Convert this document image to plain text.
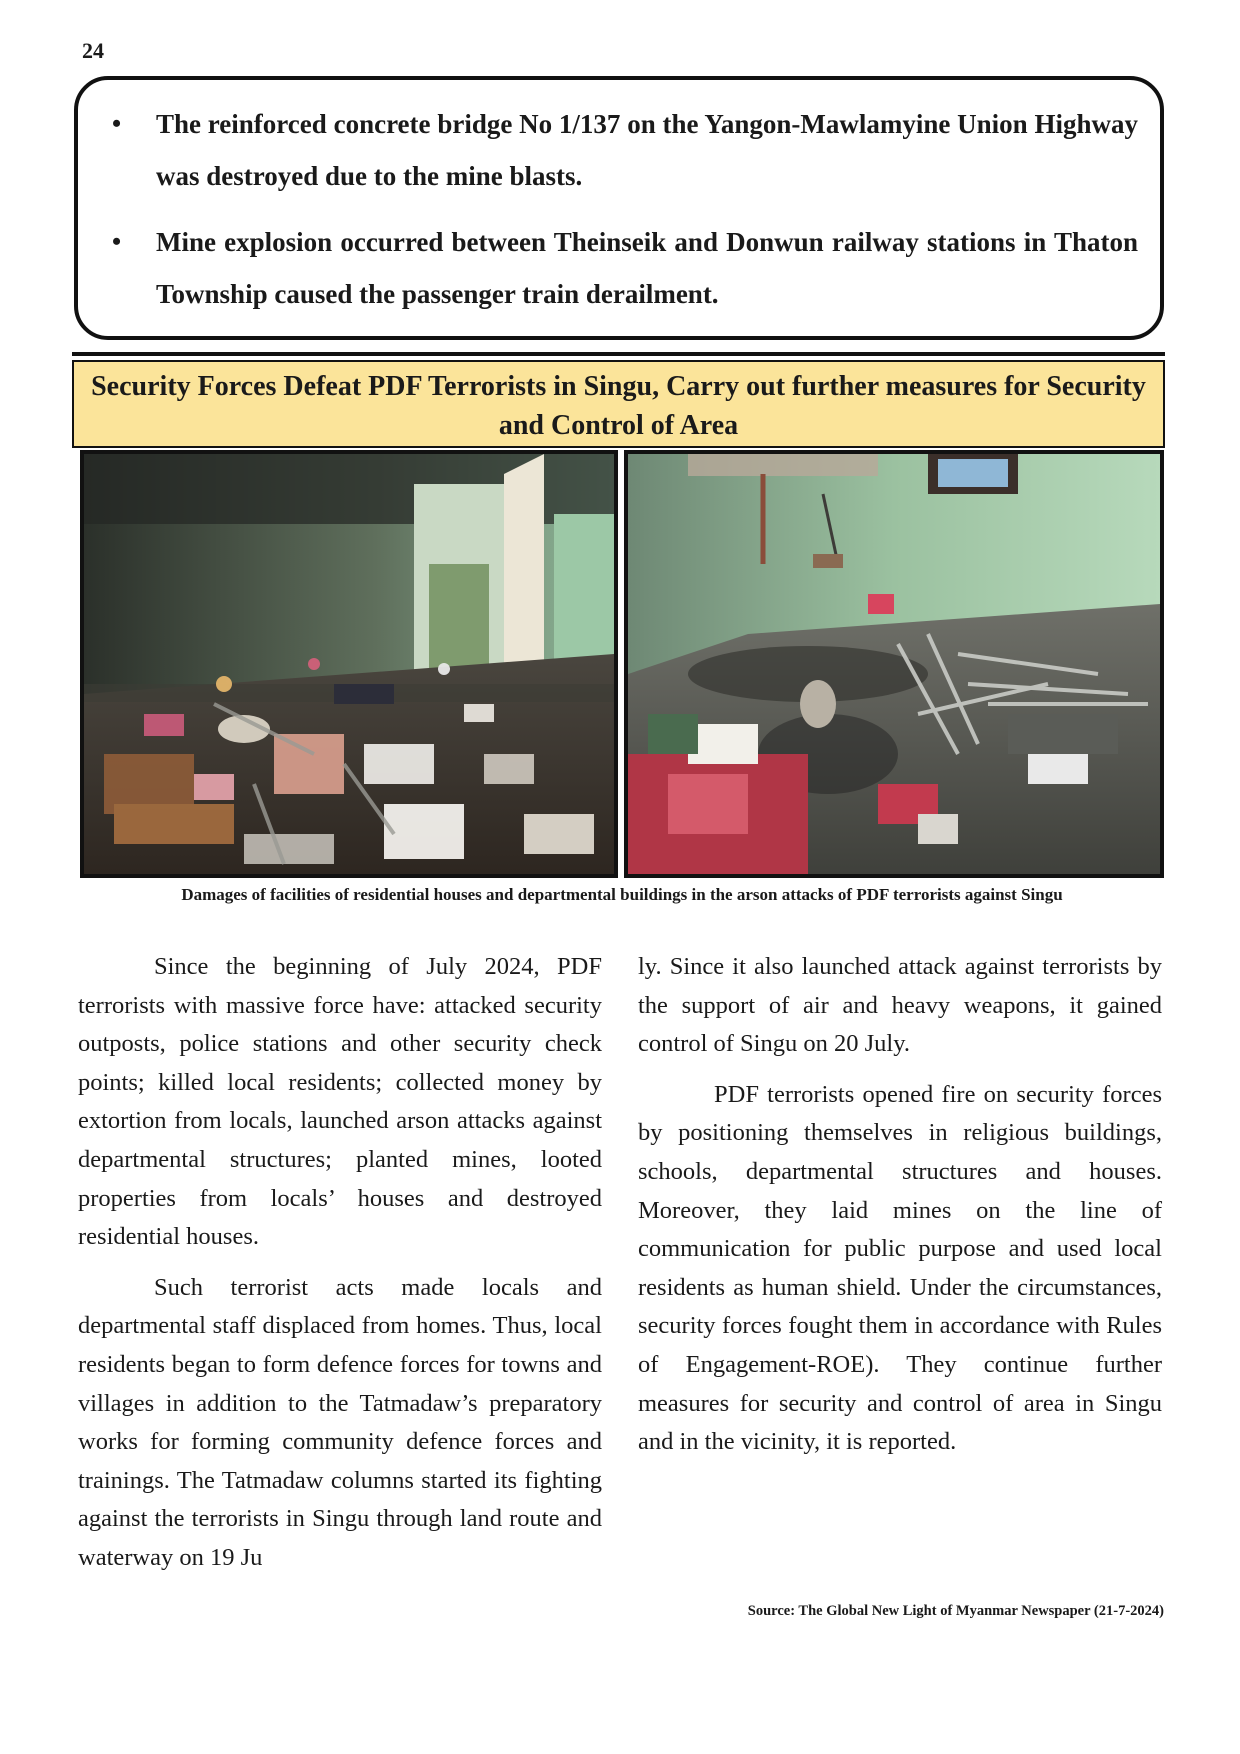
24
• The reinforced concrete bridge No 1/137 on the Yangon-Mawlamyine Union Highway was destroyed due to the mine blasts.
• Mine explosion occurred between Theinseik and Donwun railway stations in Thaton Township caused the passenger train derailment.
Security Forces Defeat PDF Terrorists in Singu, Carry out further measures for Security and Control of Area
Damages of facilities of residential houses and departmental buildings in the arson attacks of PDF terrorists against Singu

Since the beginning of July 2024, PDF terrorists with massive force have: attacked security outposts, police stations and other security check points; killed local residents; collected money by extortion from locals, launched arson attacks against departmental structures; planted mines, looted properties from locals’ houses and destroyed residential houses.

Such terrorist acts made locals and departmental staff displaced from homes. Thus, local residents began to form defence forces for towns and villages in addition to the Tatmadaw’s preparatory works for forming community defence forces and trainings. The Tatmadaw columns started its fighting against the terrorists in Singu through land route and waterway on 19 Ju

ly. Since it also launched attack against terrorists by the support of air and heavy weapons, it gained control of Singu on 20 July.

PDF terrorists opened fire on security forces by positioning themselves in religious buildings, schools, departmental structures and houses. Moreover, they laid mines on the line of communication for public purpose and used local residents as human shield. Under the circumstances, security forces fought them in accordance with Rules of Engagement-ROE). They continue further measures for security and control of area in Singu and in the vicinity, it is reported.

Source: The Global New Light of Myanmar Newspaper (21-7-2024)
